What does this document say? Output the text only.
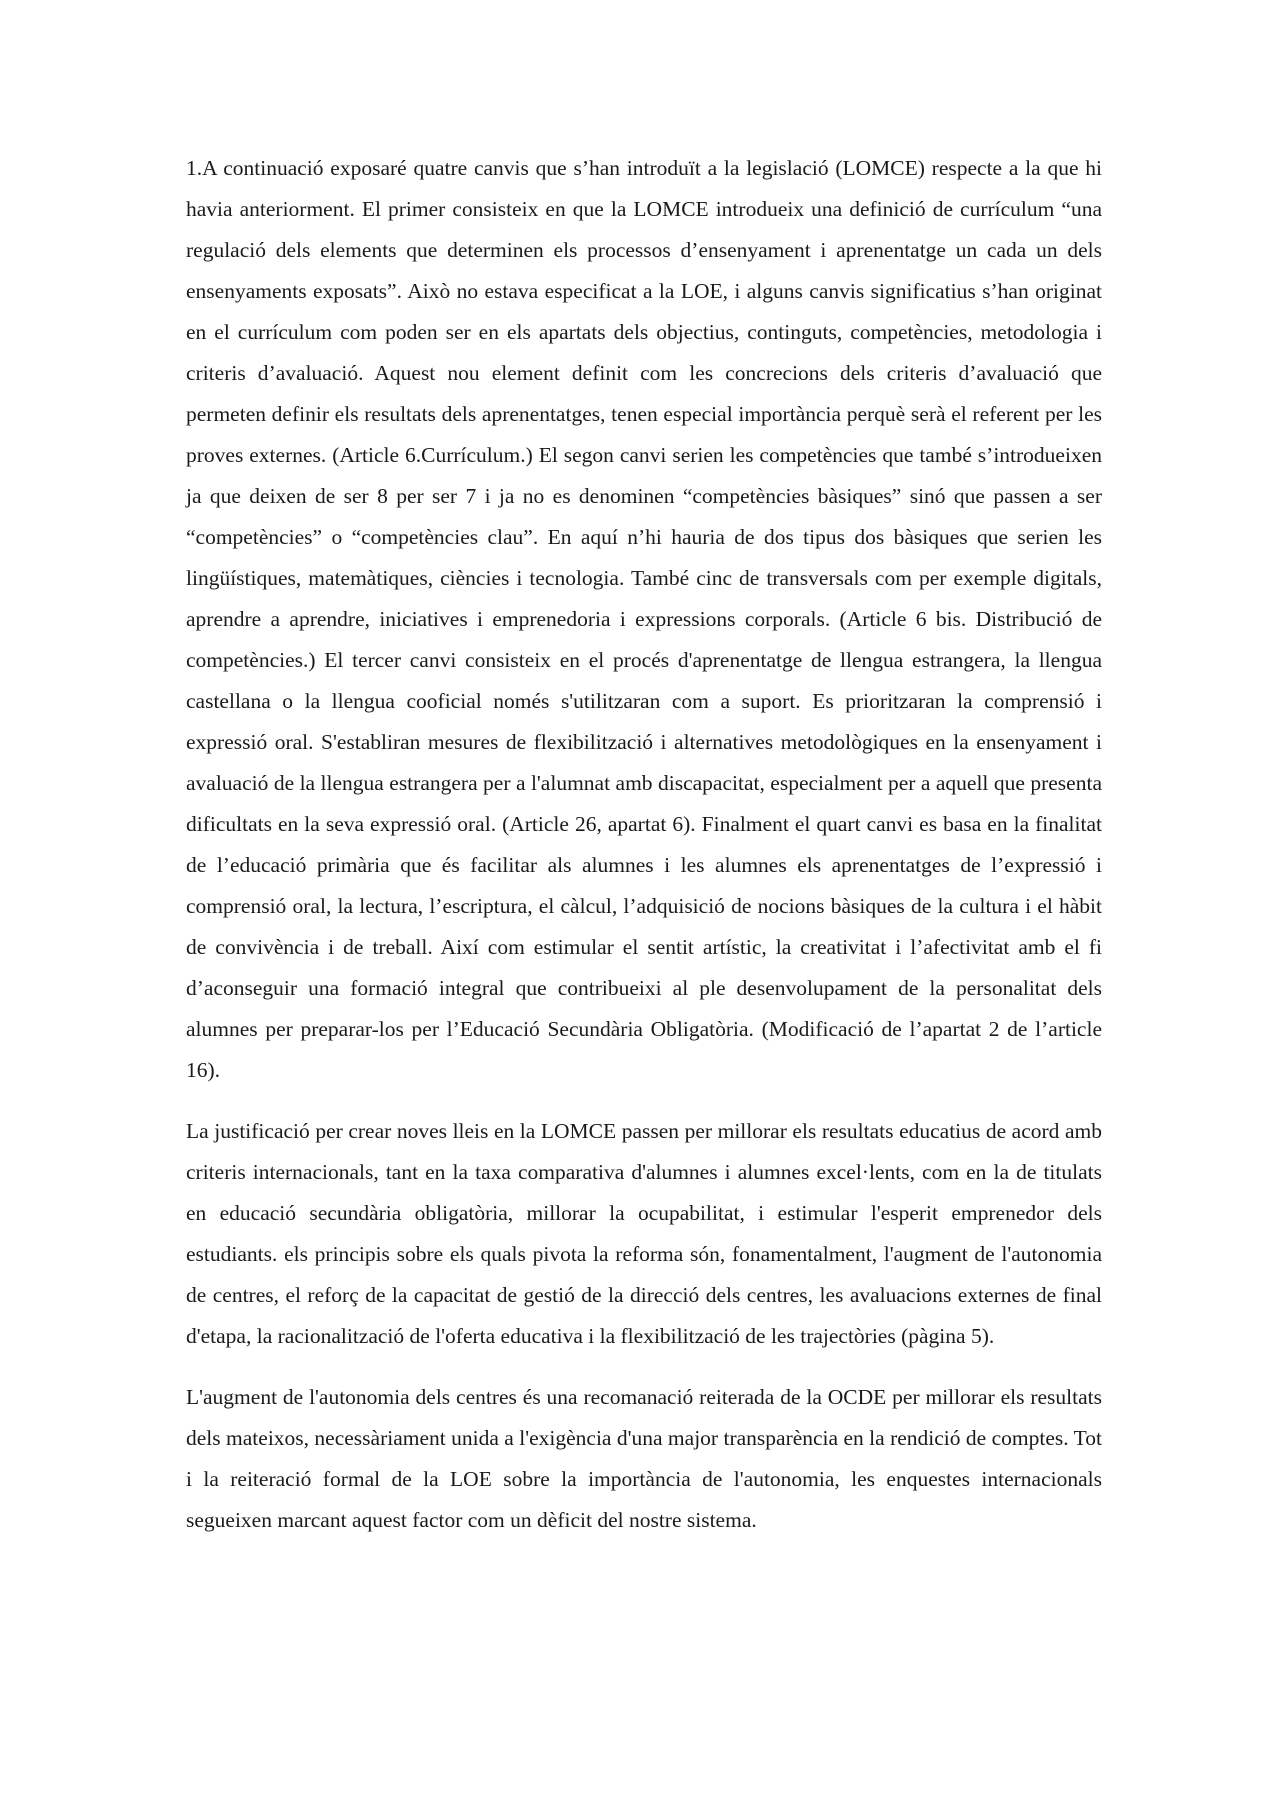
1.A continuació exposaré quatre canvis que s’han introduït a la legislació (LOMCE) respecte a la que hi havia anteriorment. El primer consisteix en que la LOMCE introdueix una definició de currículum “una regulació dels elements que determinen els processos d’ensenyament i aprenentatge un cada un dels ensenyaments exposats”. Això no estava especificat a la LOE, i alguns canvis significatius s’han originat en el currículum com poden ser en els apartats dels objectius, continguts, competències, metodologia i criteris d’avaluació. Aquest nou element definit com les concrecions dels criteris d’avaluació que permeten definir els resultats dels aprenentatges, tenen especial importància perquè serà el referent per les proves externes. (Article 6.Currículum.) El segon canvi serien les competències que també s’introdueixen ja que deixen de ser 8 per ser 7 i ja no es denominen “competències bàsiques” sinó que passen a ser “competències” o “competències clau”. En aquí n’hi hauria de dos tipus dos bàsiques que serien les lingüístiques, matemàtiques, ciències i tecnologia. També cinc de transversals com per exemple digitals, aprendre a aprendre, iniciatives i emprenedoria i expressions corporals. (Article 6 bis. Distribució de competències.) El tercer canvi consisteix en el procés d'aprenentatge de llengua estrangera, la llengua castellana o la llengua cooficial només s'utilitzaran com a suport. Es prioritzaran la comprensió i expressió oral. S'establiran mesures de flexibilització i alternatives metodològiques en la ensenyament i avaluació de la llengua estrangera per a l'alumnat amb discapacitat, especialment per a aquell que presenta dificultats en la seva expressió oral. (Article 26, apartat 6). Finalment el quart canvi es basa en la finalitat de l’educació primària que és facilitar als alumnes i les alumnes els aprenentatges de l’expressió i comprensió oral, la lectura, l’escriptura, el càlcul, l’adquisició de nocions bàsiques de la cultura i el hàbit de convivència i de treball. Així com estimular el sentit artístic, la creativitat i l’afectivitat amb el fi d’aconseguir una formació integral que contribueixi al ple desenvolupament de la personalitat dels alumnes per preparar-los per l’Educació Secundària Obligatòria. (Modificació de l’apartat 2 de l’article 16).

La justificació per crear noves lleis en la LOMCE passen per millorar els resultats educatius de acord amb criteris internacionals, tant en la taxa comparativa d'alumnes i alumnes excel·lents, com en la de titulats en educació secundària obligatòria, millorar la ocupabilitat, i estimular l'esperit emprenedor dels estudiants. els principis sobre els quals pivota la reforma són, fonamentalment, l'augment de l'autonomia de centres, el reforç de la capacitat de gestió de la direcció dels centres, les avaluacions externes de final d'etapa, la racionalització de l'oferta educativa i la flexibilització de les trajectòries (pàgina 5).

L'augment de l'autonomia dels centres és una recomanació reiterada de la OCDE per millorar els resultats dels mateixos, necessàriament unida a l'exigència d'una major transparència en la rendició de comptes. Tot i la reiteració formal de la LOE sobre la importància de l'autonomia, les enquestes internacionals segueixen marcant aquest factor com un dèficit del nostre sistema.
